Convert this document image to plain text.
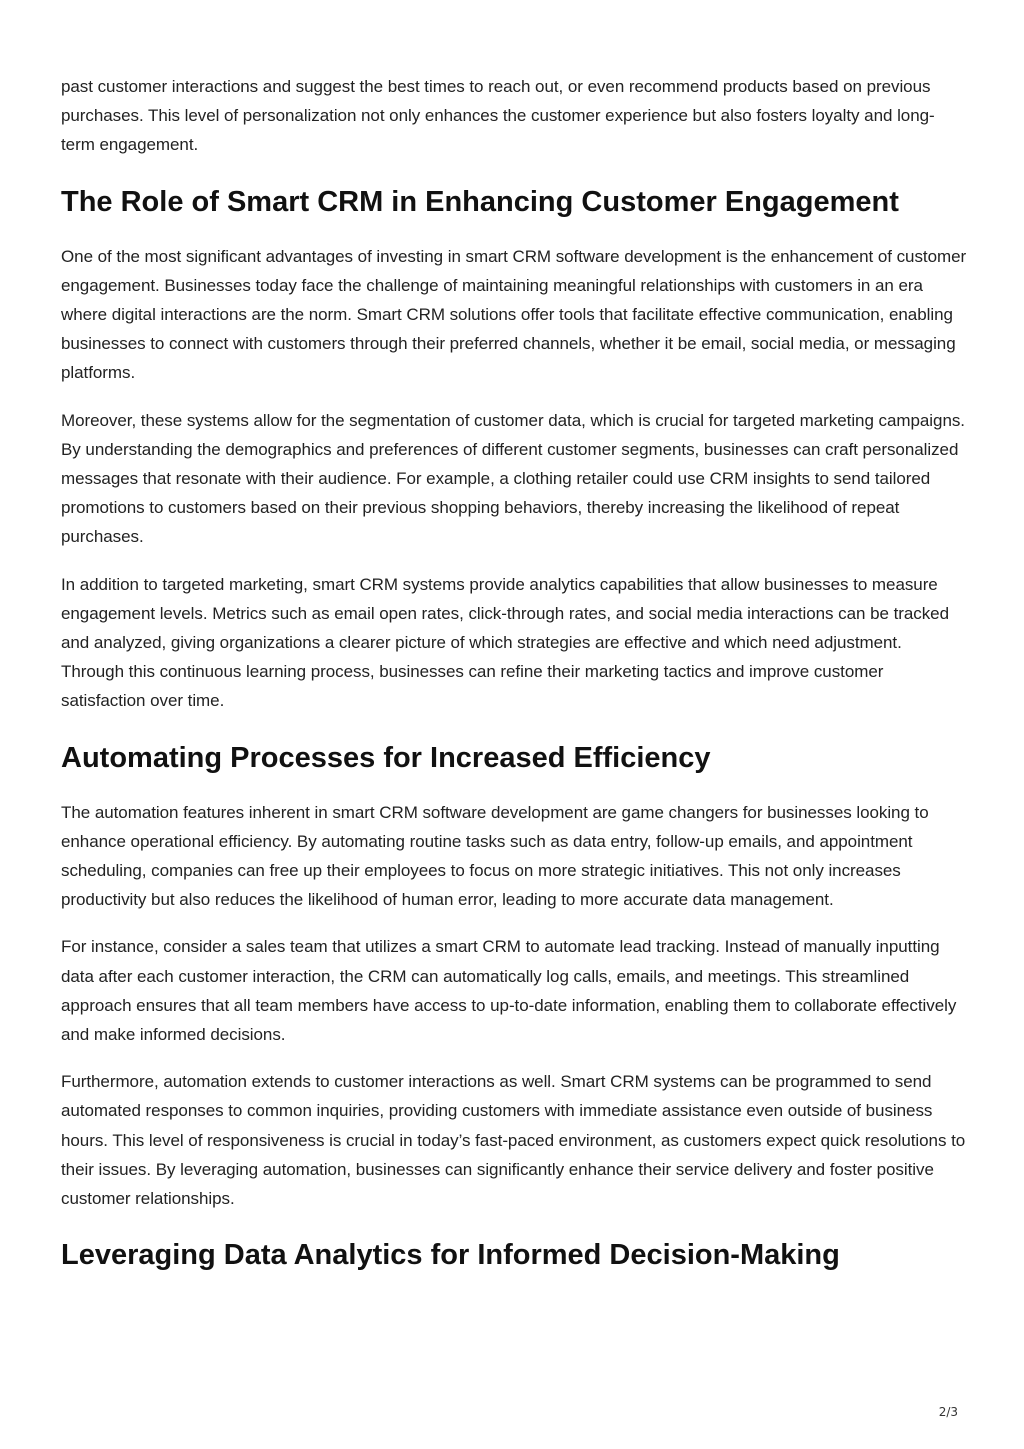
past customer interactions and suggest the best times to reach out, or even recommend products based on previous purchases. This level of personalization not only enhances the customer experience but also fosters loyalty and long-term engagement.

The Role of Smart CRM in Enhancing Customer Engagement

One of the most significant advantages of investing in smart CRM software development is the enhancement of customer engagement. Businesses today face the challenge of maintaining meaningful relationships with customers in an era where digital interactions are the norm. Smart CRM solutions offer tools that facilitate effective communication, enabling businesses to connect with customers through their preferred channels, whether it be email, social media, or messaging platforms.

Moreover, these systems allow for the segmentation of customer data, which is crucial for targeted marketing campaigns. By understanding the demographics and preferences of different customer segments, businesses can craft personalized messages that resonate with their audience. For example, a clothing retailer could use CRM insights to send tailored promotions to customers based on their previous shopping behaviors, thereby increasing the likelihood of repeat purchases.

In addition to targeted marketing, smart CRM systems provide analytics capabilities that allow businesses to measure engagement levels. Metrics such as email open rates, click-through rates, and social media interactions can be tracked and analyzed, giving organizations a clearer picture of which strategies are effective and which need adjustment. Through this continuous learning process, businesses can refine their marketing tactics and improve customer satisfaction over time.

Automating Processes for Increased Efficiency

The automation features inherent in smart CRM software development are game changers for businesses looking to enhance operational efficiency. By automating routine tasks such as data entry, follow-up emails, and appointment scheduling, companies can free up their employees to focus on more strategic initiatives. This not only increases productivity but also reduces the likelihood of human error, leading to more accurate data management.

For instance, consider a sales team that utilizes a smart CRM to automate lead tracking. Instead of manually inputting data after each customer interaction, the CRM can automatically log calls, emails, and meetings. This streamlined approach ensures that all team members have access to up-to-date information, enabling them to collaborate effectively and make informed decisions.

Furthermore, automation extends to customer interactions as well. Smart CRM systems can be programmed to send automated responses to common inquiries, providing customers with immediate assistance even outside of business hours. This level of responsiveness is crucial in today’s fast-paced environment, as customers expect quick resolutions to their issues. By leveraging automation, businesses can significantly enhance their service delivery and foster positive customer relationships.

Leveraging Data Analytics for Informed Decision-Making
2/3
